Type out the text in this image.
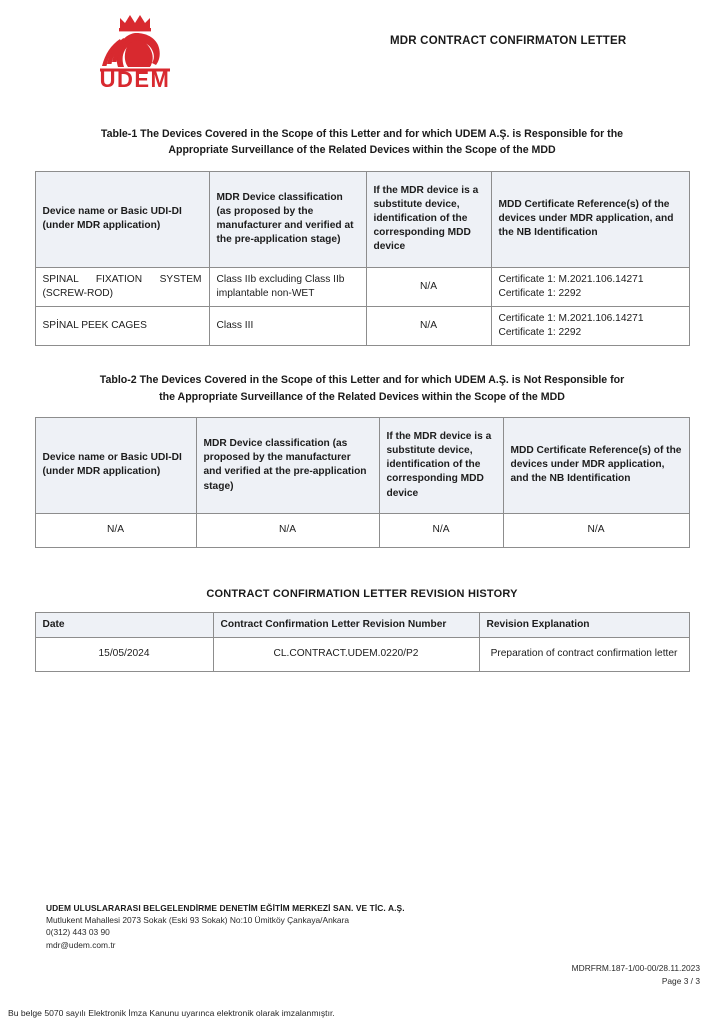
UDEM
MDR CONTRACT CONFIRMATON LETTER
Table-1 The Devices Covered in the Scope of this Letter and for which UDEM A.Ş. is Responsible for the Appropriate Surveillance of the Related Devices within the Scope of the MDD
Device name or Basic UDI-DI (under MDR application)	MDR Device classification (as proposed by the manufacturer and verified at the pre-application stage)	If the MDR device is a substitute device, identification of the corresponding MDD device	MDD Certificate Reference(s) of the devices under MDR application, and the NB Identification
SPINAL FIXATION SYSTEM (SCREW-ROD)	Class IIb excluding Class IIb implantable non-WET	N/A	Certificate 1: M.2021.106.14271
Certificate 1: 2292

SPİNAL PEEK CAGES	Class III	N/A	Certificate 1: M.2021.106.14271
Certificate 1: 2292
Tablo-2 The Devices Covered in the Scope of this Letter and for which UDEM A.Ş. is Not Responsible for the Appropriate Surveillance of the Related Devices within the Scope of the MDD
Device name or Basic UDI-DI (under MDR application)	MDR Device classification (as proposed by the manufacturer and verified at the pre-application stage)	If the MDR device is a substitute device, identification of the corresponding MDD device	MDD Certificate Reference(s) of the devices under MDR application, and the NB Identification
N/A	N/A	N/A	N/A
CONTRACT CONFIRMATION LETTER REVISION HISTORY
Date	Contract Confirmation Letter Revision Number	Revision Explanation
15/05/2024	CL.CONTRACT.UDEM.0220/P2	Preparation of contract confirmation letter
UDEM ULUSLARARASI BELGELENDİRME DENETİM EĞİTİM MERKEZİ SAN. VE TİC. A.Ş.
Mutlukent Mahallesi 2073 Sokak (Eski 93 Sokak) No:10 Ümitköy Çankaya/Ankara
0(312) 443 03 90
mdr@udem.com.tr
MDRFRM.187-1/00-00/28.11.2023
Page 3 / 3
Bu belge 5070 sayılı Elektronik İmza Kanunu uyarınca elektronik olarak imzalanmıştır.
